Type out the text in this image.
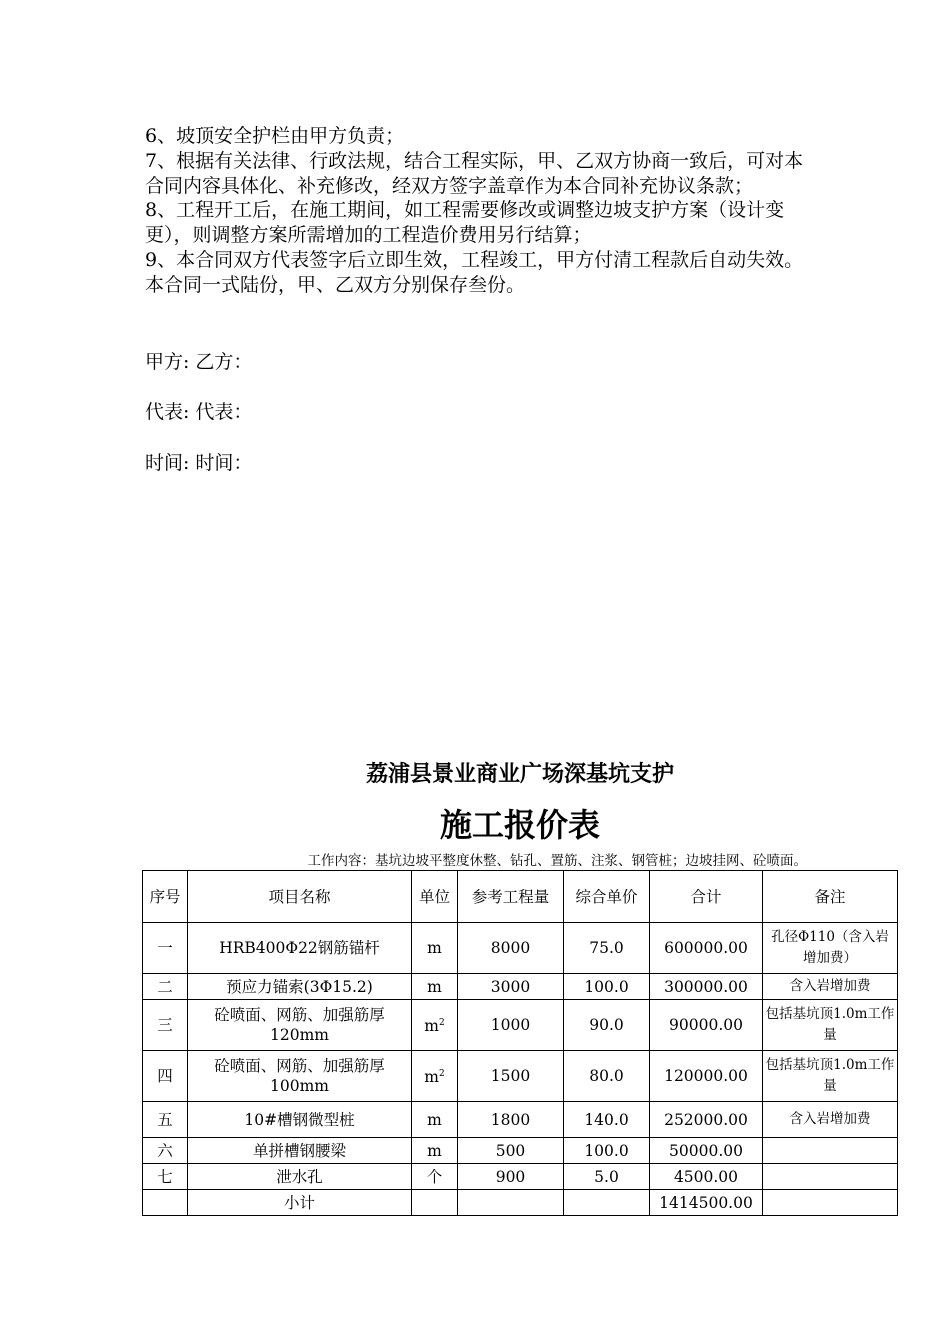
6、坡顶安全护栏由甲方负责；

7、根据有关法律、行政法规，结合工程实际，甲、乙双方协商一致后，可对本合同内容具体化、补充修改，经双方签字盖章作为本合同补充协议条款；

8、工程开工后，在施工期间，如工程需要修改或调整边坡支护方案（设计变更），则调整方案所需增加的工程造价费用另行结算；

9、本合同双方代表签字后立即生效，工程竣工，甲方付清工程款后自动失效。

本合同一式陆份，甲、乙双方分别保存叁份。

甲方: 乙方：
代表: 代表：
时间: 时间：
荔浦县景业商业广场深基坑支护
施工报价表
工作内容：基坑边坡平整度休整、钻孔、置筋、注浆、钢管桩；边坡挂网、砼喷面。
序号	项目名称	单位	参考工程量	综合单价	合计	备注
一	HRB400Φ22钢筋锚杆	m	8000	75.0	600000.00	孔径Φ110（含入岩增加费）
二	预应力锚索(3Φ15.2)	m	3000	100.0	300000.00	含入岩增加费
三	砼喷面、网筋、加强筋厚120mm	$m^2$	1000	90.0	90000.00	包括基坑顶1.0m工作量
四	砼喷面、网筋、加强筋厚100mm	$m^2$	1500	80.0	120000.00	包括基坑顶1.0m工作量
五	10#槽钢微型桩	m	1800	140.0	252000.00	含入岩增加费
六	单拼槽钢腰梁	m	500	100.0	50000.00	
七	泄水孔	个	900	5.0	4500.00	
	小计				1414500.00	
